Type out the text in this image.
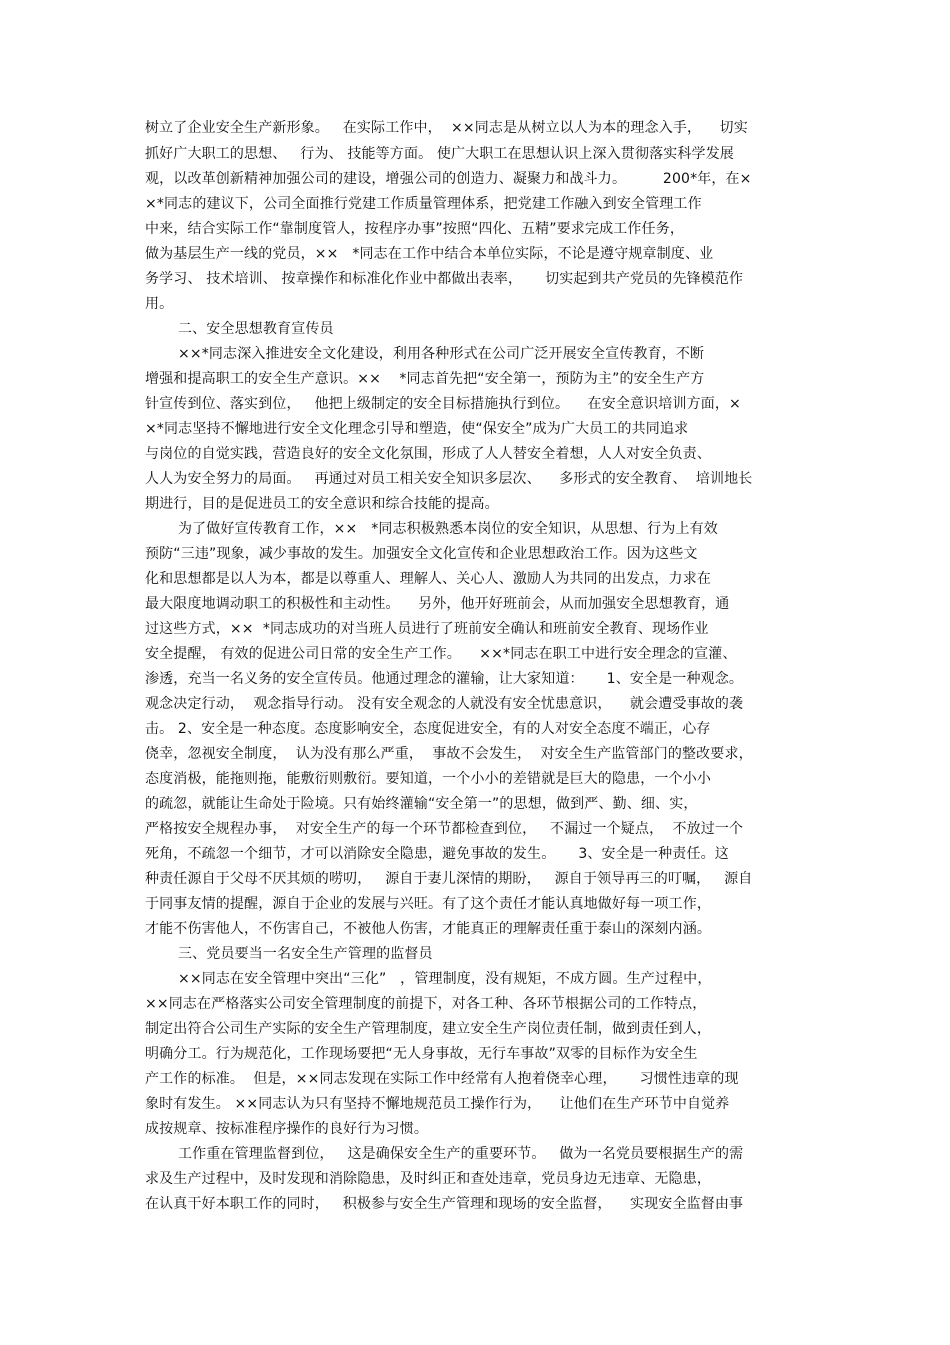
树立了企业安全生产新形象。   在实际工作中，  ××同志是从树立以人为本的理念入手，    切实
抓好广大职工的思想、   行为、 技能等方面。 使广大职工在思想认识上深入贯彻落实科学发展
观，以改革创新精神加强公司的建设，增强公司的创造力、凝聚力和战斗力。        200*年，在×
×*同志的建议下，公司全面推行党建工作质量管理体系，把党建工作融入到安全管理工作
中来，结合实际工作“靠制度管人，按程序办事”按照“四化、五精”要求完成工作任务，
做为基层生产一线的党员，××   *同志在工作中结合本单位实际，不论是遵守规章制度、业
务学习、 技术培训、 按章操作和标准化作业中都做出表率，     切实起到共产党员的先锋模范作
用。
二、安全思想教育宣传员
××*同志深入推进安全文化建设，利用各种形式在公司广泛开展安全宣传教育，不断
增强和提高职工的安全生产意识。××    *同志首先把“安全第一，预防为主”的安全生产方
针宣传到位、落实到位，   他把上级制定的安全目标措施执行到位。    在安全意识培训方面，×
×*同志坚持不懈地进行安全文化理念引导和塑造，使“保安全”成为广大员工的共同追求
与岗位的自觉实践，营造良好的安全文化氛围，形成了人人替安全着想，人人对安全负责、
人人为安全努力的局面。   再通过对员工相关安全知识多层次、    多形式的安全教育、  培训地长
期进行，目的是促进员工的安全意识和综合技能的提高。
为了做好宣传教育工作，××   *同志积极熟悉本岗位的安全知识，从思想、行为上有效
预防“三违”现象，减少事故的发生。加强安全文化宣传和企业思想政治工作。因为这些文
化和思想都是以人为本，都是以尊重人、理解人、关心人、激励人为共同的出发点，力求在
最大限度地调动职工的积极性和主动性。    另外，他开好班前会，从而加强安全思想教育，通
过这些方式，××  *同志成功的对当班人员进行了班前安全确认和班前安全教育、现场作业
安全提醒， 有效的促进公司日常的安全生产工作。    ××*同志在职工中进行安全理念的宣灌、
渗透，充当一名义务的安全宣传员。他通过理念的灌输，让大家知道：     1、安全是一种观念。
观念决定行动，  观念指导行动。 没有安全观念的人就没有安全忧患意识，    就会遭受事故的袭
击。 2、安全是一种态度。态度影响安全，态度促进安全，有的人对安全态度不端正，心存
侥幸，忽视安全制度，  认为没有那么严重，  事故不会发生，  对安全生产监管部门的整改要求，
态度消极，能拖则拖，能敷衍则敷衍。要知道，一个小小的差错就是巨大的隐患，一个小小
的疏忽，就能让生命处于险境。只有始终灌输“安全第一”的思想，做到严、勤、细、实，
严格按安全规程办事，  对安全生产的每一个环节都检查到位，   不漏过一个疑点，  不放过一个
死角，不疏忽一个细节，才可以消除安全隐患，避免事故的发生。     3、安全是一种责任。这
种责任源自于父母不厌其烦的唠叨，   源自于妻儿深情的期盼，   源自于领导再三的叮嘱，   源自
于同事友情的提醒，源自于企业的发展与兴旺。有了这个责任才能认真地做好每一项工作，
才能不伤害他人，不伤害自己，不被他人伤害，才能真正的理解责任重于泰山的深刻内涵。
三、党员要当一名安全生产管理的监督员
××同志在安全管理中突出“三化”   ，管理制度，没有规矩，不成方圆。生产过程中，
××同志在严格落实公司安全管理制度的前提下，对各工种、各环节根据公司的工作特点，
制定出符合公司生产实际的安全生产管理制度，建立安全生产岗位责任制，做到责任到人，
明确分工。行为规范化，工作现场要把“无人身事故，无行车事故”双零的目标作为安全生
产工作的标准。  但是，××同志发现在实际工作中经常有人抱着侥幸心理，     习惯性违章的现
象时有发生。 ××同志认为只有坚持不懈地规范员工操作行为，    让他们在生产环节中自觉养
成按规章、按标准程序操作的良好行为习惯。
工作重在管理监督到位，   这是确保安全生产的重要环节。   做为一名党员要根据生产的需
求及生产过程中，及时发现和消除隐患，及时纠正和查处违章，党员身边无违章、无隐患，
在认真干好本职工作的同时，   积极参与安全生产管理和现场的安全监督，    实现安全监督由事
